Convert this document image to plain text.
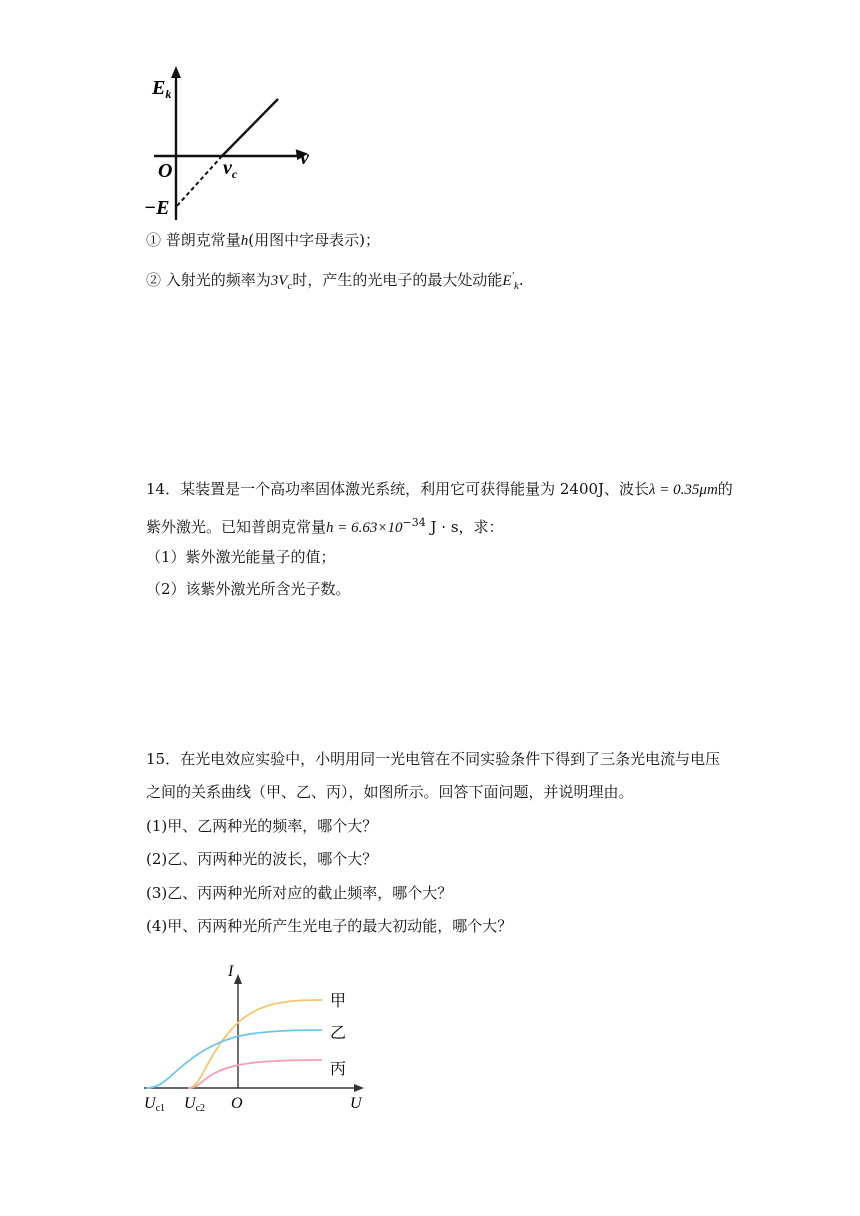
$E_k$
O	$\nu_c$
ν
−E
① 普朗克常量h(用图中字母表示)；
② 入射光的频率为$3V_c$时，产生的光电子的最大处动能$E'_k$.
14．某装置是一个高功率固体激光系统，利用它可获得能量为 2400J、波长λ = 0.35μm的
紫外激光。已知普朗克常量$h = 6.63\times 10^{-34}$ J · s，求：
（1）紫外激光能量子的值；
（2）该紫外激光所含光子数。
15．在光电效应实验中，小明用同一光电管在不同实验条件下得到了三条光电流与电压
之间的关系曲线（甲、乙、丙），如图所示。回答下面问题，并说明理由。
(1)甲、乙两种光的频率，哪个大？
(2)乙、丙两种光的波长，哪个大？
(3)乙、丙两种光所对应的截止频率，哪个大？
(4)甲、丙两种光所产生光电子的最大初动能，哪个大？
I
U
O
Uc1 Uc2
甲
乙
丙
